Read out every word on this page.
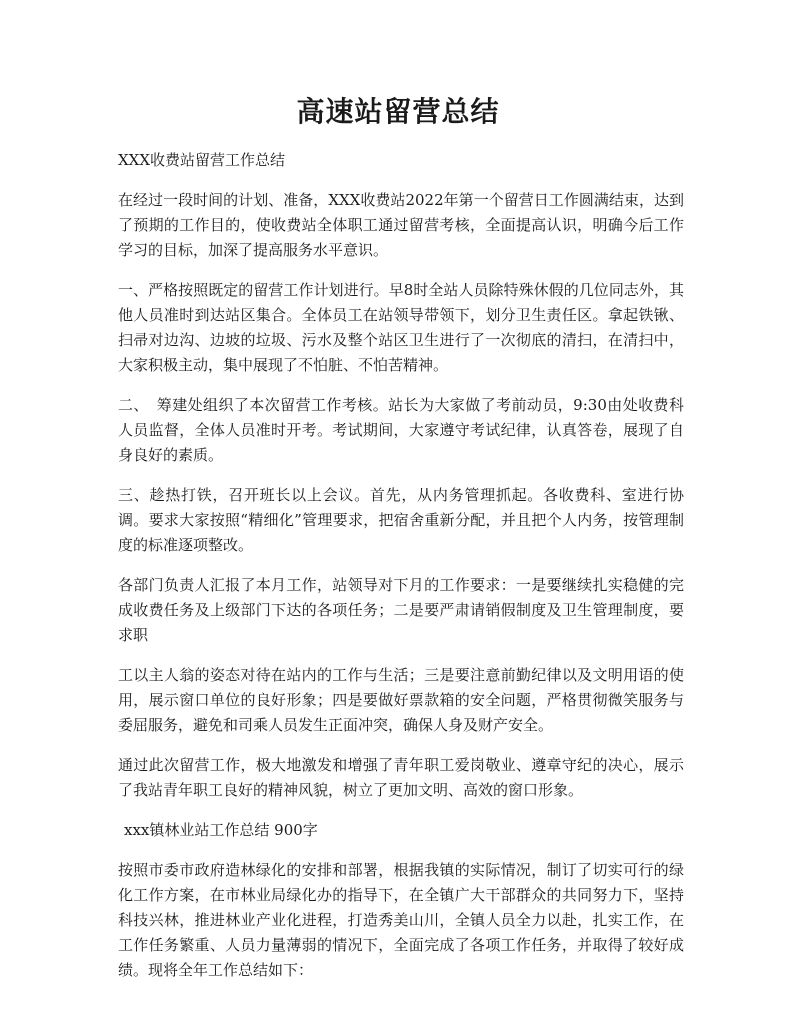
高速站留营总结

XXX收费站留营工作总结

在经过一段时间的计划、准备，XXX收费站2022年第一个留营日工作圆满结束，达到了预期的工作目的，使收费站全体职工通过留营考核，全面提高认识，明确今后工作学习的目标，加深了提高服务水平意识。

一、严格按照既定的留营工作计划进行。早8时全站人员除特殊休假的几位同志外，其他人员准时到达站区集合。全体员工在站领导带领下，划分卫生责任区。拿起铁锹、扫帚对边沟、边坡的垃圾、污水及整个站区卫生进行了一次彻底的清扫，在清扫中，大家积极主动，集中展现了不怕脏、不怕苦精神。

二、　筹建处组织了本次留营工作考核。站长为大家做了考前动员，9:30由处收费科人员监督，全体人员准时开考。考试期间，大家遵守考试纪律，认真答卷，展现了自身良好的素质。

三、趁热打铁，召开班长以上会议。首先，从内务管理抓起。各收费科、室进行协调。要求大家按照“精细化”管理要求，把宿舍重新分配，并且把个人内务，按管理制度的标准逐项整改。

各部门负责人汇报了本月工作，站领导对下月的工作要求：一是要继续扎实稳健的完成收费任务及上级部门下达的各项任务；二是要严肃请销假制度及卫生管理制度，要求职

工以主人翁的姿态对待在站内的工作与生活；三是要注意前勤纪律以及文明用语的使用，展示窗口单位的良好形象；四是要做好票款箱的安全问题，严格贯彻微笑服务与委屈服务，避免和司乘人员发生正面冲突，确保人身及财产安全。

通过此次留营工作，极大地激发和增强了青年职工爱岗敬业、遵章守纪的决心，展示了我站青年职工良好的精神风貌，树立了更加文明、高效的窗口形象。

xxx镇林业站工作总结 900字

按照市委市政府造林绿化的安排和部署，根据我镇的实际情况，制订了切实可行的绿化工作方案，在市林业局绿化办的指导下，在全镇广大干部群众的共同努力下，坚持科技兴林，推进林业产业化进程，打造秀美山川，全镇人员全力以赴，扎实工作，在工作任务繁重、人员力量薄弱的情况下，全面完成了各项工作任务，并取得了较好成绩。现将全年工作总结如下：
